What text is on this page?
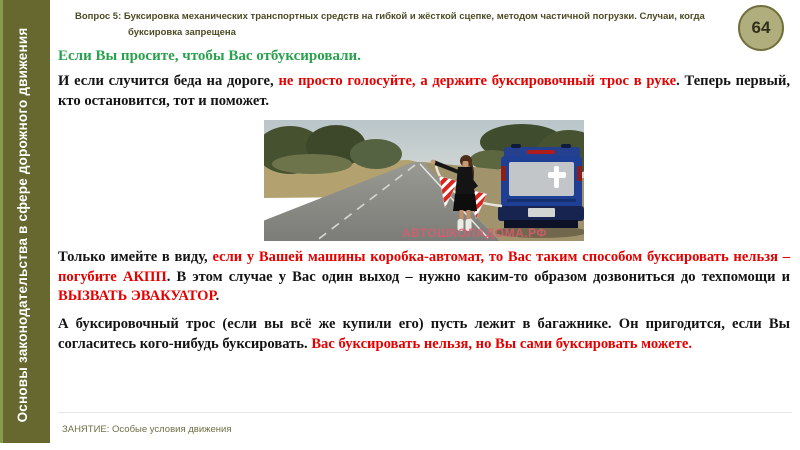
Основы законодательства в сфере дорожного движения
Вопрос 5: Буксировка механических транспортных средств на гибкой и жёсткой сцепке, методом частичной погрузки. Случаи, когда буксировка запрещена	64

Если Вы просите, чтобы Вас отбуксировали.

И если случится беда на дороге, не просто голосуйте, а держите буксировочный трос в руке. Теперь первый, кто остановится, тот и поможет.

АВТОШКОЛАДОМА.РФ

Только имейте в виду, если у Вашей машины коробка-автомат, то Вас таким способом буксировать нельзя – погубите АКПП. В этом случае у Вас один выход – нужно каким-то образом дозвониться до техпомощи и ВЫЗВАТЬ ЭВАКУАТОР.

А буксировочный трос (если вы всё же купили его) пусть лежит в багажнике. Он пригодится, если Вы согласитесь кого-нибудь буксировать. Вас буксировать нельзя, но Вы сами буксировать можете.

ЗАНЯТИЕ: Особые условия движения
